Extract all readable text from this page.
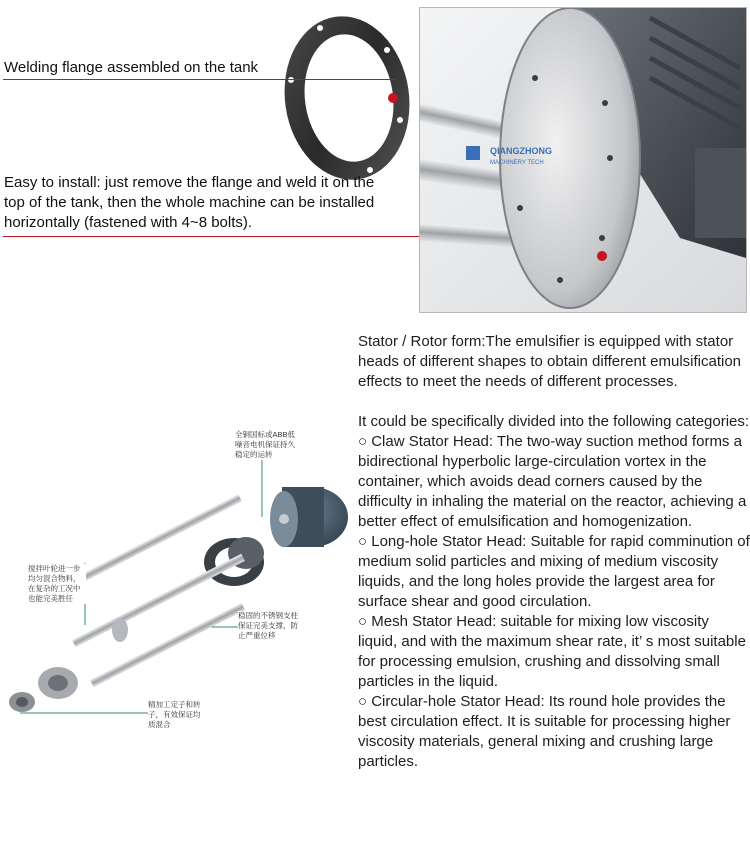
Welding flange assembled on the tank
Easy to install: just remove the flange and weld it on the top of the tank, then the whole machine can be installed horizontally (fastened with 4~8 bolts).
QIANGZHONG
MACHINERY TECH
全铜国标或ABB低噪音电机保证持久稳定的运转
搅拌叶轮进一步均匀混合物料，在复杂的工况中也能完美胜任
稳固的不锈钢支柱保证完美支撑，防止严重位移
精加工定子和转子，有效保证均质混合

Stator / Rotor form:The emulsifier is equipped with stator heads of different shapes to obtain different emulsification effects to meet the needs of different processes.

It could be specifically divided into the following categories:

○ Claw Stator Head: The two-way suction method forms a bidirectional hyperbolic large-circulation vortex in the container, which avoids dead corners caused by the difficulty in inhaling the material on the reactor, achieving a better effect of emulsification and homogenization.

○ Long-hole Stator Head: Suitable for rapid comminution of medium solid particles and mixing of medium viscosity liquids, and the long holes provide the largest area for surface shear and good circulation.

○ Mesh Stator Head: suitable for mixing low viscosity liquid, and with the maximum shear rate, it’ s most suitable for processing emulsion, crushing and dissolving small particles in the liquid.

○ Circular-hole Stator Head: Its round hole provides the best circulation effect. It is suitable for processing higher viscosity materials, general mixing and crushing large particles.
